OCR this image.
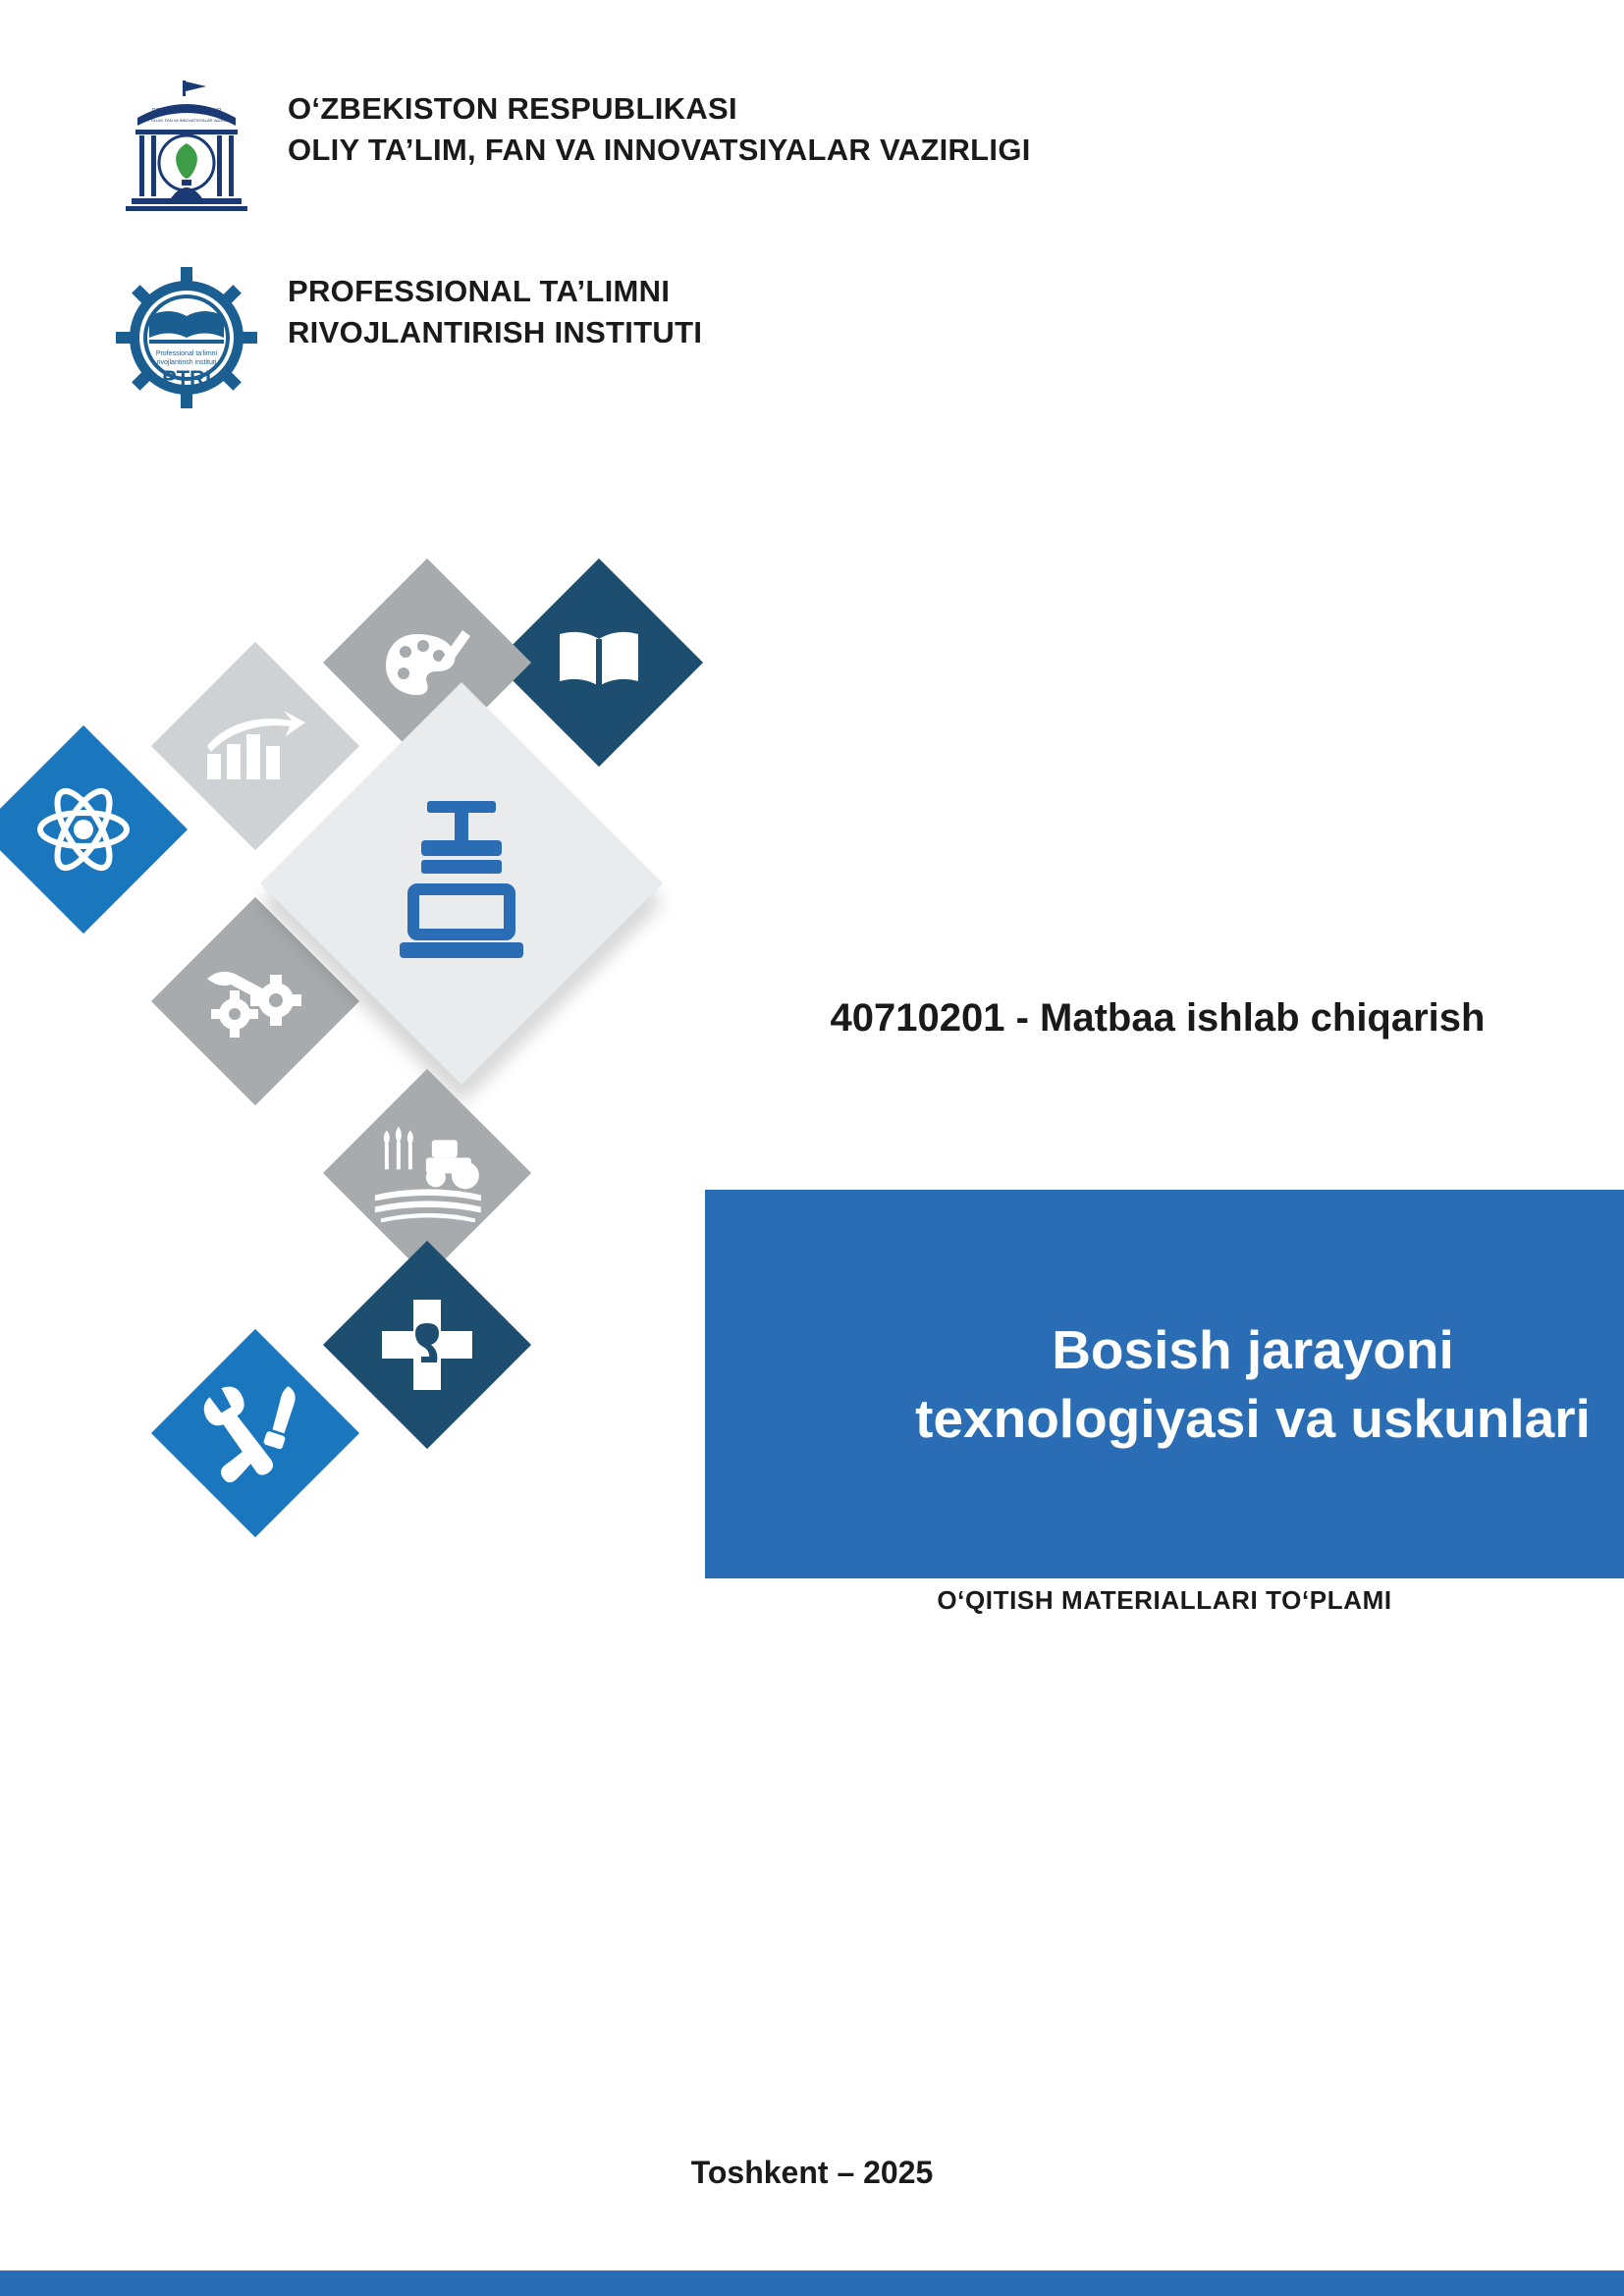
O‘ZBEKISTON RESPUBLIKASI
OLIY TA’LIM, FAN VA INNOVATSIYALAR VAZIRLIGI O‘ZBEKISTON RESPUBLIKASI
OLIY TA’LIM, FAN VA INNOVATSIYALAR VAZIRLIGI
Professional ta‘limni
rivojlantirish instituti
PTRI
PROFESSIONAL TA’LIMNI
RIVOJLANTIRISH INSTITUTI
40710201 - Matbaa ishlab chiqarish
Bosish jarayoni texnologiyasi va uskunlari
O‘QITISH MATERIALLARI TO‘PLAMI
Toshkent – 2025
